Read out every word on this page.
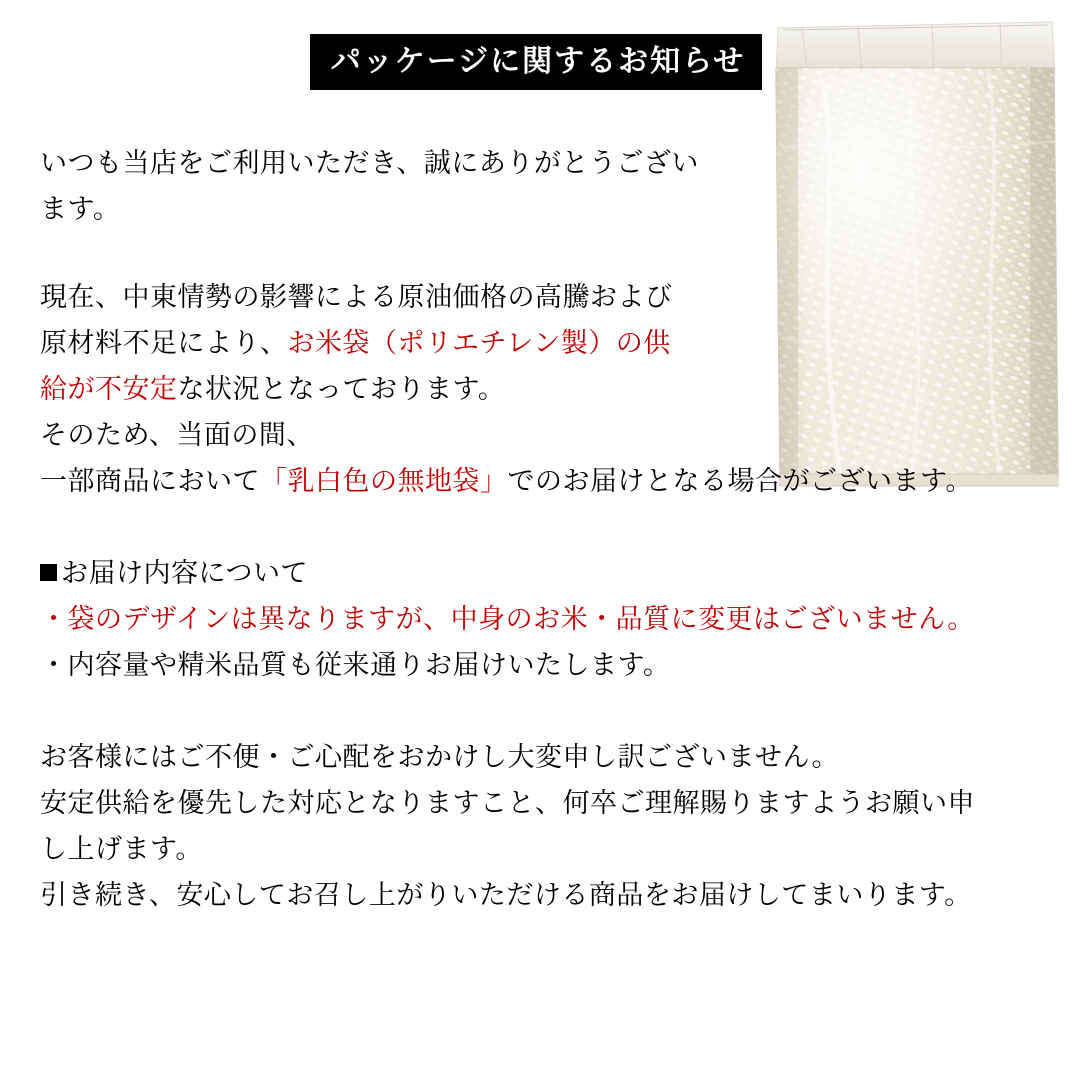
パッケージに関するお知らせ
いつも当店をご利用いただき、誠にありがとうござい
ます。
現在、中東情勢の影響による原油価格の高騰および
原材料不足により、お米袋（ポリエチレン製）の供
給が不安定な状況となっております。
そのため、当面の間、
一部商品において「乳白色の無地袋」でのお届けとなる場合がございます。
お届け内容について
・袋のデザインは異なりますが、中身のお米・品質に変更はございません。
・内容量や精米品質も従来通りお届けいたします。
お客様にはご不便・ご心配をおかけし大変申し訳ございません。
安定供給を優先した対応となりますこと、何卒ご理解賜りますようお願い申
し上げます。
引き続き、安心してお召し上がりいただける商品をお届けしてまいります。
